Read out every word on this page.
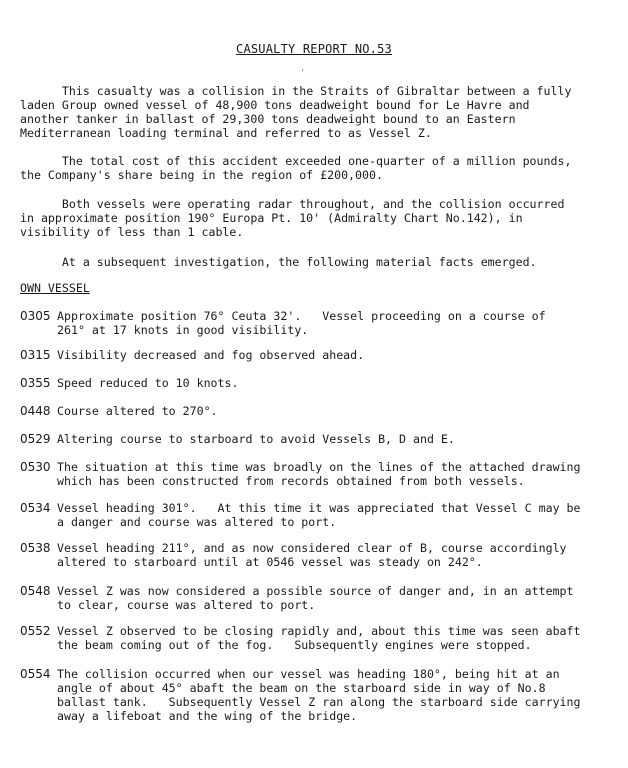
CASUALTY REPORT NO.53
'
This casualty was a collision in the Straits of Gibraltar between a fully
laden Group owned vessel of 48,900 tons deadweight bound for Le Havre and
another tanker in ballast of 29,300 tons deadweight bound to an Eastern
Mediterranean loading terminal and referred to as Vessel Z.
The total cost of this accident exceeded one-quarter of a million pounds,
the Company's share being in the region of £200,000.
Both vessels were operating radar throughout, and the collision occurred
in approximate position 190° Europa Pt. 10' (Admiralty Chart No.142), in
visibility of less than 1 cable.
At a subsequent investigation, the following material facts emerged.
OWN VESSEL
0305 Approximate position 76° Ceuta 32'.   Vessel proceeding on a course of
261° at 17 knots in good visibility.
0315 Visibility decreased and fog observed ahead.
0355 Speed reduced to 10 knots.
0448 Course altered to 270°.
0529 Altering course to starboard to avoid Vessels B, D and E.
0530 The situation at this time was broadly on the lines of the attached drawing
which has been constructed from records obtained from both vessels.
0534 Vessel heading 301°.   At this time it was appreciated that Vessel C may be
a danger and course was altered to port.
0538 Vessel heading 211°, and as now considered clear of B, course accordingly
altered to starboard until at 0546 vessel was steady on 242°.
0548 Vessel Z was now considered a possible source of danger and, in an attempt
to clear, course was altered to port.
0552 Vessel Z observed to be closing rapidly and, about this time was seen abaft
the beam coming out of the fog.   Subsequently engines were stopped.
0554 The collision occurred when our vessel was heading 180°, being hit at an
angle of about 45° abaft the beam on the starboard side in way of No.8
ballast tank.   Subsequently Vessel Z ran along the starboard side carrying
away a lifeboat and the wing of the bridge.
